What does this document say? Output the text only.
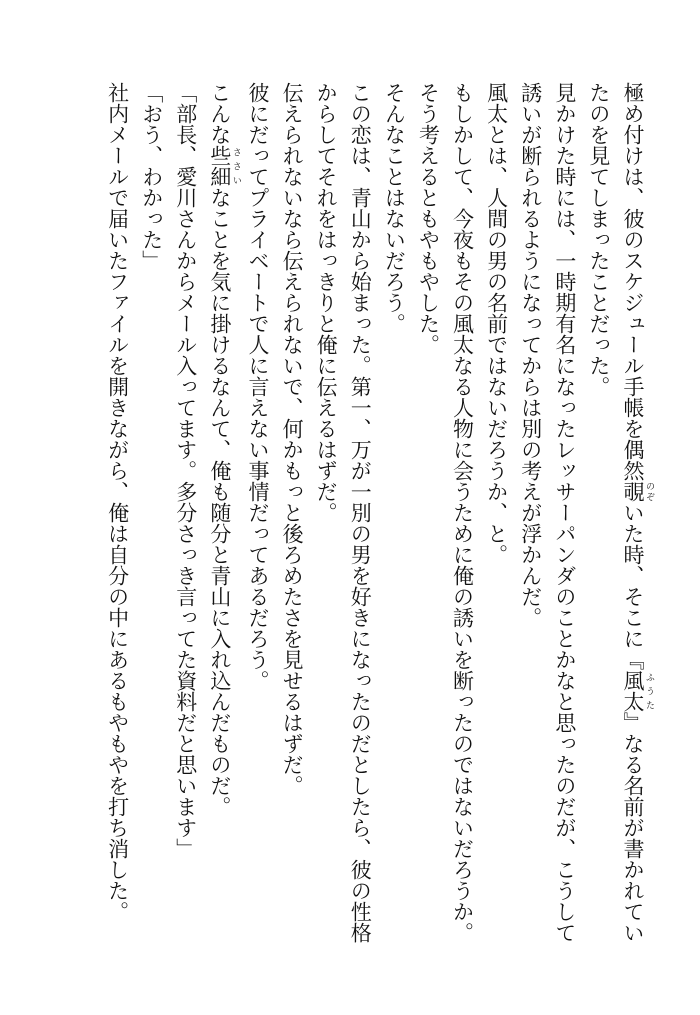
極め付けは、彼のスケジュール手帳を偶然覗 のぞいた時、そこに『風太 ふうた』なる名前が書かれてい

たのを見てしまったことだった。

見かけた時には、一時期有名になったレッサーパンダのことかなと思ったのだが、こうして

誘いが断られるようになってからは別の考えが浮かんだ。

風太とは、人間の男の名前ではないだろうか、と。

もしかして、今夜もその風太なる人物に会うために俺の誘いを断ったのではないだろうか。

そう考えるともやもやした。

そんなことはないだろう。

この恋は、青山から始まった。第一、万が一別の男を好きになったのだとしたら、彼の性格

からしてそれをはっきりと俺に伝えるはずだ。

伝えられないなら伝えられないで、何かもっと後ろめたさを見せるはずだ。

彼にだってプライベートで人に言えない事情だってあるだろう。

こんな些細 ささいなことを気に掛けるなんて、俺も随分と青山に入れ込んだものだ。

「部長、愛川さんからメール入ってます。多分さっき言ってた資料だと思います」

「おう、わかった」

社内メールで届いたファイルを開きながら、俺は自分の中にあるもやもやを打ち消した。
